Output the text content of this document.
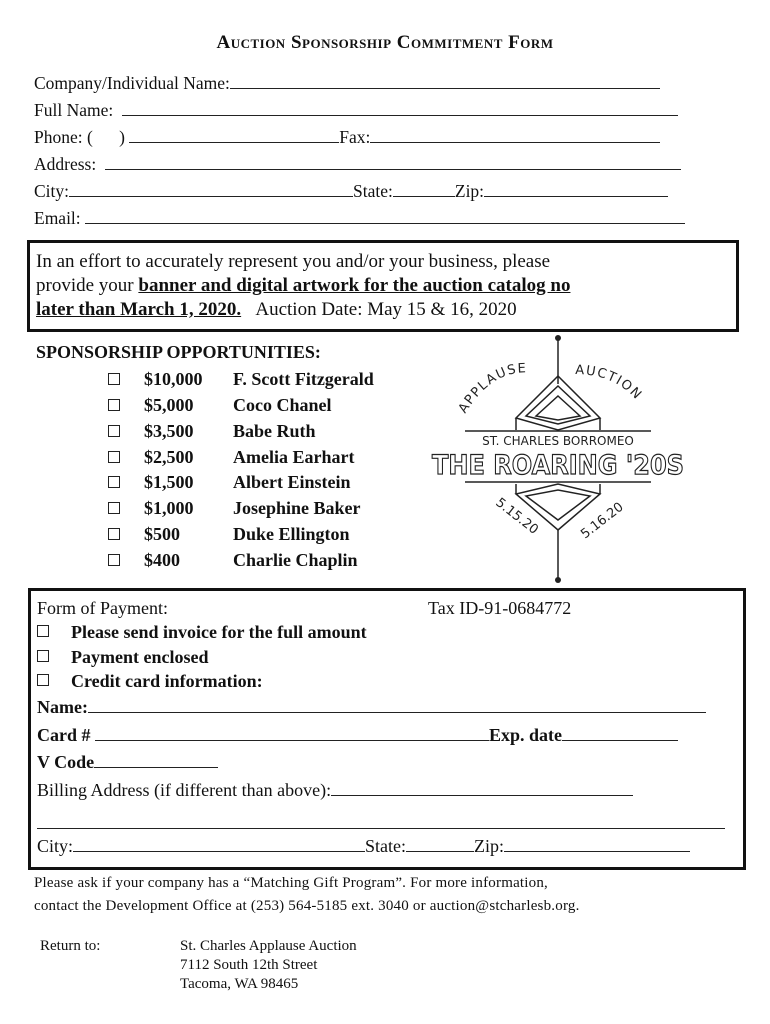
Auction Sponsorship Commitment Form
Company/Individual Name:
Full Name:
Phone: (      )	Fax:
Address:
City:	State:	Zip:
Email:
In an effort to accurately represent you and/or your business, please
provide your banner and digital artwork for the auction catalog no
later than March 1, 2020. Auction Date: May 15 & 16, 2020
SPONSORSHIP OPPORTUNITIES:
$10,000 F. Scott Fitzgerald
$5,000 Coco Chanel
$3,500 Babe Ruth
$2,500 Amelia Earhart
$1,500 Albert Einstein
$1,000 Josephine Baker
$500	Duke Ellington
$400	Charlie Chaplin
APPLAUSE	AUCTION
ST. CHARLES BORROMEO
THE ROARING '20S
5.15.20	5.16.20
Form of Payment:	Tax ID-91-0684772
Please send invoice for the full amount
Payment enclosed
Credit card information:
Name:
Card #	Exp. date
V Code
Billing Address (if different than above):
City:	State:	Zip:
Please ask if your company has a “Matching Gift Program”. For more information,
contact the Development Office at (253) 564-5185 ext. 3040 or auction@stcharlesb.org.
Return to:	St. Charles Applause Auction
7112 South 12th Street
Tacoma, WA 98465
